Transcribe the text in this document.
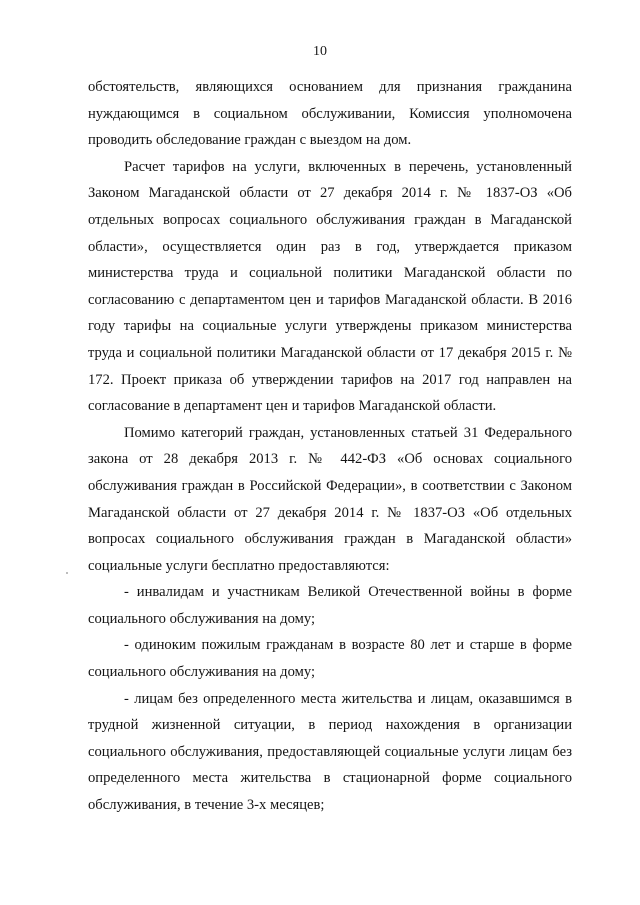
10

обстоятельств, являющихся основанием для признания гражданина нуждающимся в социальном обслуживании, Комиссия уполномочена проводить обследование граждан с выездом на дом.

Расчет тарифов на услуги, включенных в перечень, установленный Законом Магаданской области от 27 декабря 2014 г. № 1837-ОЗ «Об отдельных вопросах социального обслуживания граждан в Магаданской области», осуществляется один раз в год, утверждается приказом министерства труда и социальной политики Магаданской области по согласованию с департаментом цен и тарифов Магаданской области. В 2016 году тарифы на социальные услуги утверждены приказом министерства труда и социальной политики Магаданской области от 17 декабря 2015 г. № 172. Проект приказа об утверждении тарифов на 2017 год направлен на согласование в департамент цен и тарифов Магаданской области.

Помимо категорий граждан, установленных статьей 31 Федерального закона от 28 декабря 2013 г. № 442-ФЗ «Об основах социального обслуживания граждан в Российской Федерации», в соответствии с Законом Магаданской области от 27 декабря 2014 г. № 1837-ОЗ «Об отдельных вопросах социального обслуживания граждан в Магаданской области» социальные услуги бесплатно предоставляются:

- инвалидам и участникам Великой Отечественной войны в форме социального обслуживания на дому;

- одиноким пожилым гражданам в возрасте 80 лет и старше в форме социального обслуживания на дому;

- лицам без определенного места жительства и лицам, оказавшимся в трудной жизненной ситуации, в период нахождения в организации социального обслуживания, предоставляющей социальные услуги лицам без определенного места жительства в стационарной форме социального обслуживания, в течение 3-х месяцев;
